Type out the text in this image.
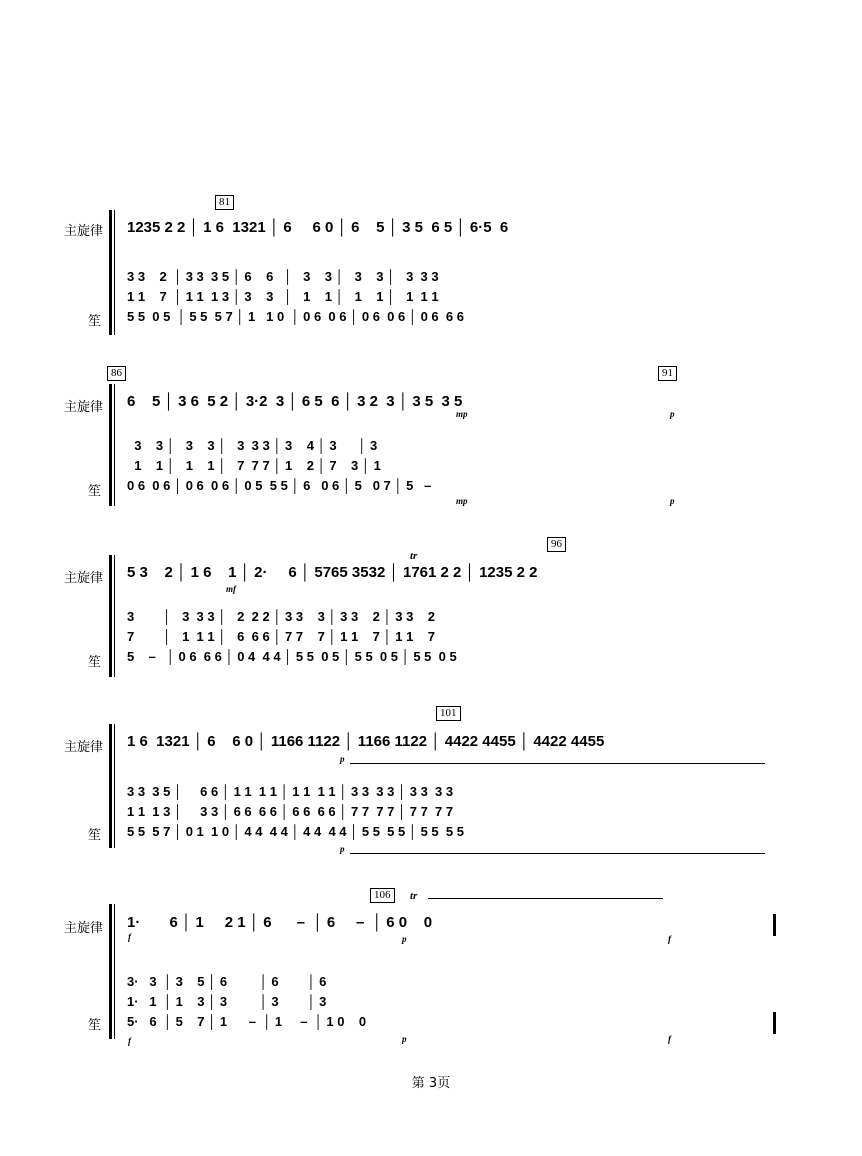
81
主旋律
笙
1235 2 2 │ 1 6  1321 │ 6     6 0 │ 6    5 │ 3 5  6 5 │ 6·5  6
3 3    2  │ 3 3  3 5 │ 6    6   │   3    3 │   3    3 │   3  3 3
1 1    7  │ 1 1  1 3 │ 3    3   │   1    1 │   1    1 │   1  1 1
5 5  0 5  │ 5 5  5 7 │ 1   1 0  │ 0 6  0 6 │ 0 6  0 6 │ 0 6  6 6
86	91
主旋律
笙
6    5 │ 3 6  5 2 │ 3·2  3 │ 6 5  6 │ 3 2  3 │ 3 5  3 5
mp	p
3    3 │   3    3 │   3  3 3 │ 3    4 │ 3      │ 3
1    1 │   1    1 │   7  7 7 │ 1    2 │ 7    3 │ 1
0 6  0 6 │ 0 6  0 6 │ 0 5  5 5 │ 6   0 6 │ 5   0 7 │ 5   –
mp	p
96
主旋律
笙
tr
5 3    2 │ 1 6    1 │ 2·     6 │ 5765 3532 │ 1761 2 2 │ 1235 2 2
mf
3        │   3  3 3 │   2  2 2 │ 3 3    3 │ 3 3    2 │ 3 3    2
7        │   1  1 1 │   6  6 6 │ 7 7    7 │ 1 1    7 │ 1 1    7
5    –   │ 0 6  6 6 │ 0 4  4 4 │ 5 5  0 5 │ 5 5  0 5 │ 5 5  0 5
101
主旋律
笙
1 6  1321 │ 6    6 0 │ 1166 1122 │ 1166 1122 │ 4422 4455 │ 4422 4455
p
3 3  3 5 │     6 6 │ 1 1  1 1 │ 1 1  1 1 │ 3 3  3 3 │ 3 3  3 3
1 1  1 3 │     3 3 │ 6 6  6 6 │ 6 6  6 6 │ 7 7  7 7 │ 7 7  7 7
5 5  5 7 │ 0 1  1 0 │ 4 4  4 4 │ 4 4  4 4 │ 5 5  5 5 │ 5 5  5 5
p
106	tr
主旋律
笙
1·       6 │ 1     2 1 │ 6      –  │ 6     –  │ 6 0    0
f	p	f
3·   3  │ 3    5 │ 6         │ 6        │ 6
1·   1  │ 1    3 │ 3         │ 3        │ 3
5·   6  │ 5    7 │ 1      –  │ 1     –  │ 1 0    0
f	p	f
第 3页
